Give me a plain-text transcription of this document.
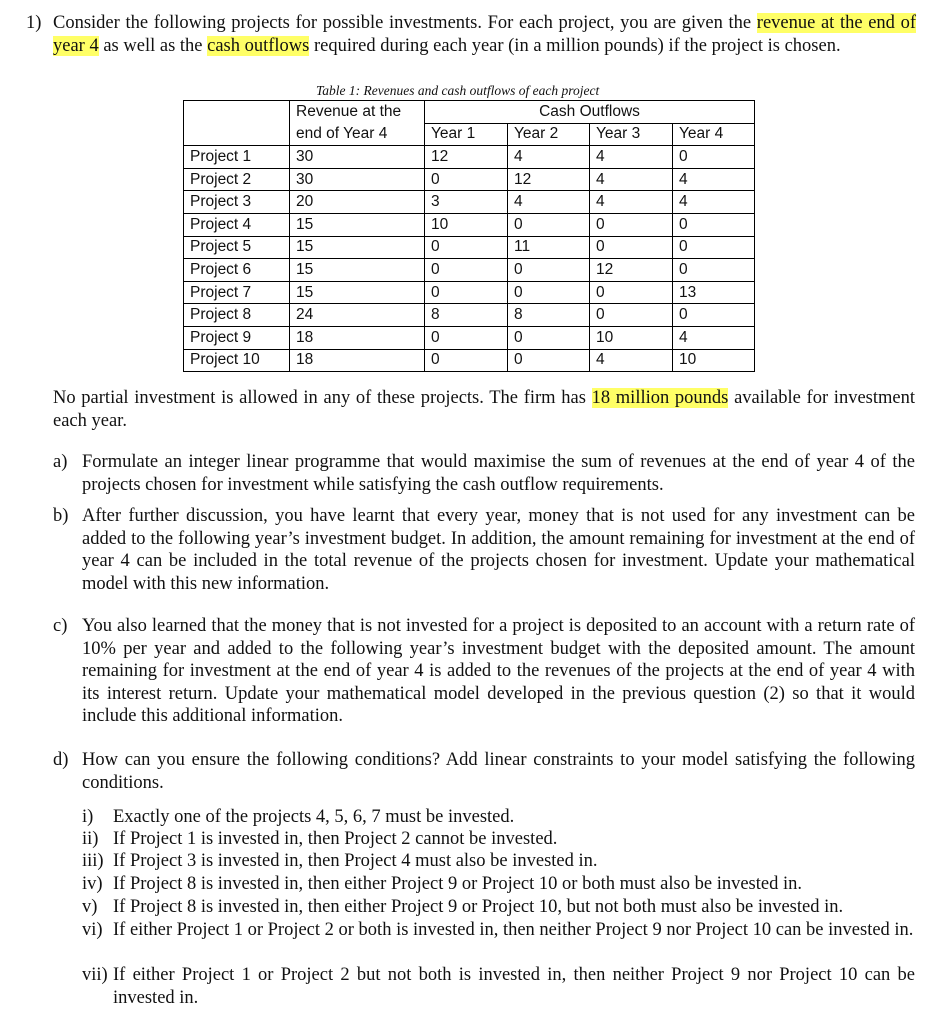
1) Consider the following projects for possible investments. For each project, you are given the revenue at the end of year 4 as well as the cash outflows required during each year (in a million pounds) if the project is chosen.
Table 1: Revenues and cash outflows of each project
	Revenue at the	Cash Outflows			
	end of Year 4	Year 1	Year 2	Year 3	Year 4
Project 1	30	12	4	4	0
Project 2	30	0	12	4	4
Project 3	20	3	4	4	4
Project 4	15	10	0	0	0
Project 5	15	0	11	0	0
Project 6	15	0	0	12	0
Project 7	15	0	0	0	13
Project 8	24	8	8	0	0
Project 9	18	0	0	10	4
Project 10	18	0	0	4	10
No partial investment is allowed in any of these projects. The firm has 18 million pounds available for investment each year.
a) Formulate an integer linear programme that would maximise the sum of revenues at the end of year 4 of the projects chosen for investment while satisfying the cash outflow requirements.
b) After further discussion, you have learnt that every year, money that is not used for any investment can be added to the following year’s investment budget. In addition, the amount remaining for investment at the end of year 4 can be included in the total revenue of the projects chosen for investment. Update your mathematical model with this new information.
c) You also learned that the money that is not invested for a project is deposited to an account with a return rate of 10% per year and added to the following year’s investment budget with the deposited amount. The amount remaining for investment at the end of year 4 is added to the revenues of the projects at the end of year 4 with its interest return. Update your mathematical model developed in the previous question (2) so that it would include this additional information.
d) How can you ensure the following conditions? Add linear constraints to your model satisfying the following conditions.
i) Exactly one of the projects 4, 5, 6, 7 must be invested.
ii) If Project 1 is invested in, then Project 2 cannot be invested.
iii) If Project 3 is invested in, then Project 4 must also be invested in.
iv) If Project 8 is invested in, then either Project 9 or Project 10 or both must also be invested in.
v) If Project 8 is invested in, then either Project 9 or Project 10, but not both must also be invested in.
vi) If either Project 1 or Project 2 or both is invested in, then neither Project 9 nor Project 10 can be invested in.
vii) If either Project 1 or Project 2 but not both is invested in, then neither Project 9 nor Project 10 can be invested in.
